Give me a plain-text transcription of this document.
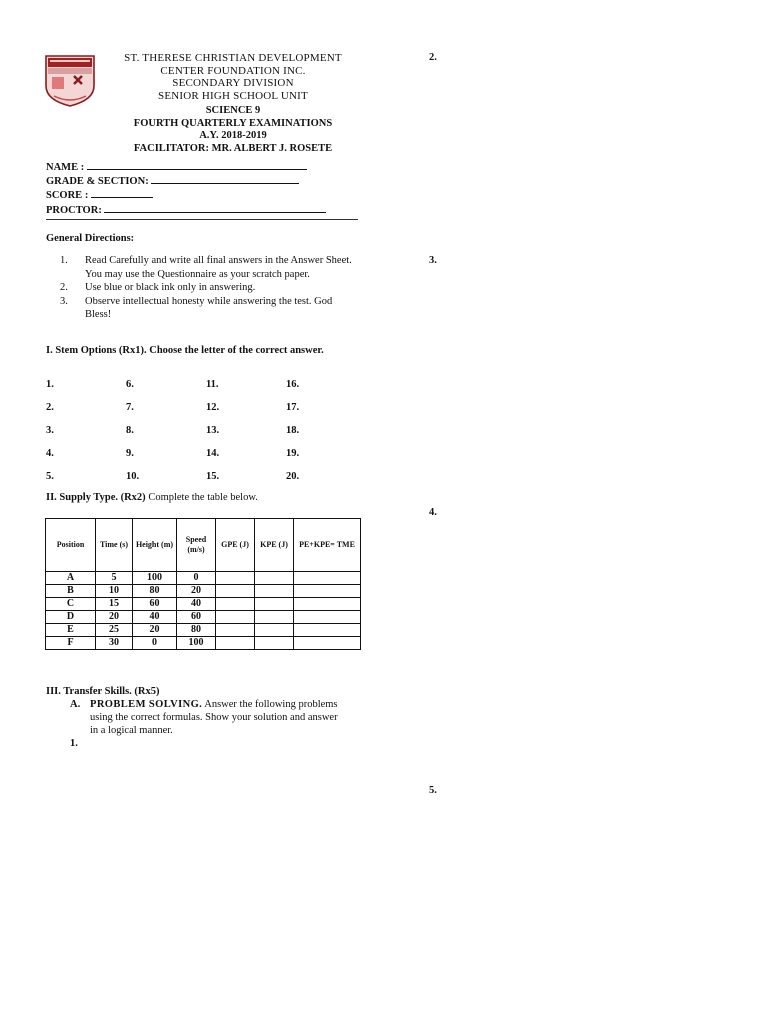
ST. THERESE CHRISTIAN DEVELOPMENT
CENTER FOUNDATION INC.
SECONDARY DIVISION
SENIOR HIGH SCHOOL UNIT
SCIENCE 9
FOURTH QUARTERLY EXAMINATIONS
A.Y. 2018-2019
FACILITATOR: MR. ALBERT J. ROSETE
NAME :
GRADE & SECTION:
SCORE :
PROCTOR:
General Directions:
1.	Read Carefully and write all final answers in the Answer Sheet. You may use the Questionnaire as your scratch paper.
2.	Use blue or black ink only in answering.
3.	Observe intellectual honesty while answering the test. God Bless!
I. Stem Options (Rx1). Choose the letter of the correct answer.
1.	6.	11.	16.
2.	7.	12.	17.
3.	8.	13.	18.
4.	9.	14.	19.
5.	10.	15.	20.
II. Supply Type. (Rx2) Complete the table below.
Position	Time (s)	Height (m)	Speed (m/s)	GPE (J)	KPE (J)	PE+KPE= TME
A	5	100	0			
B	10	80	20			
C	15	60	40			
D	20	40	60			
E	25	20	80			
F	30	0	100			
III. Transfer Skills. (Rx5)
A. PROBLEM SOLVING. Answer the following problems using the correct formulas. Show your solution and answer in a logical manner.
1.
2.
3.
4.
5.
